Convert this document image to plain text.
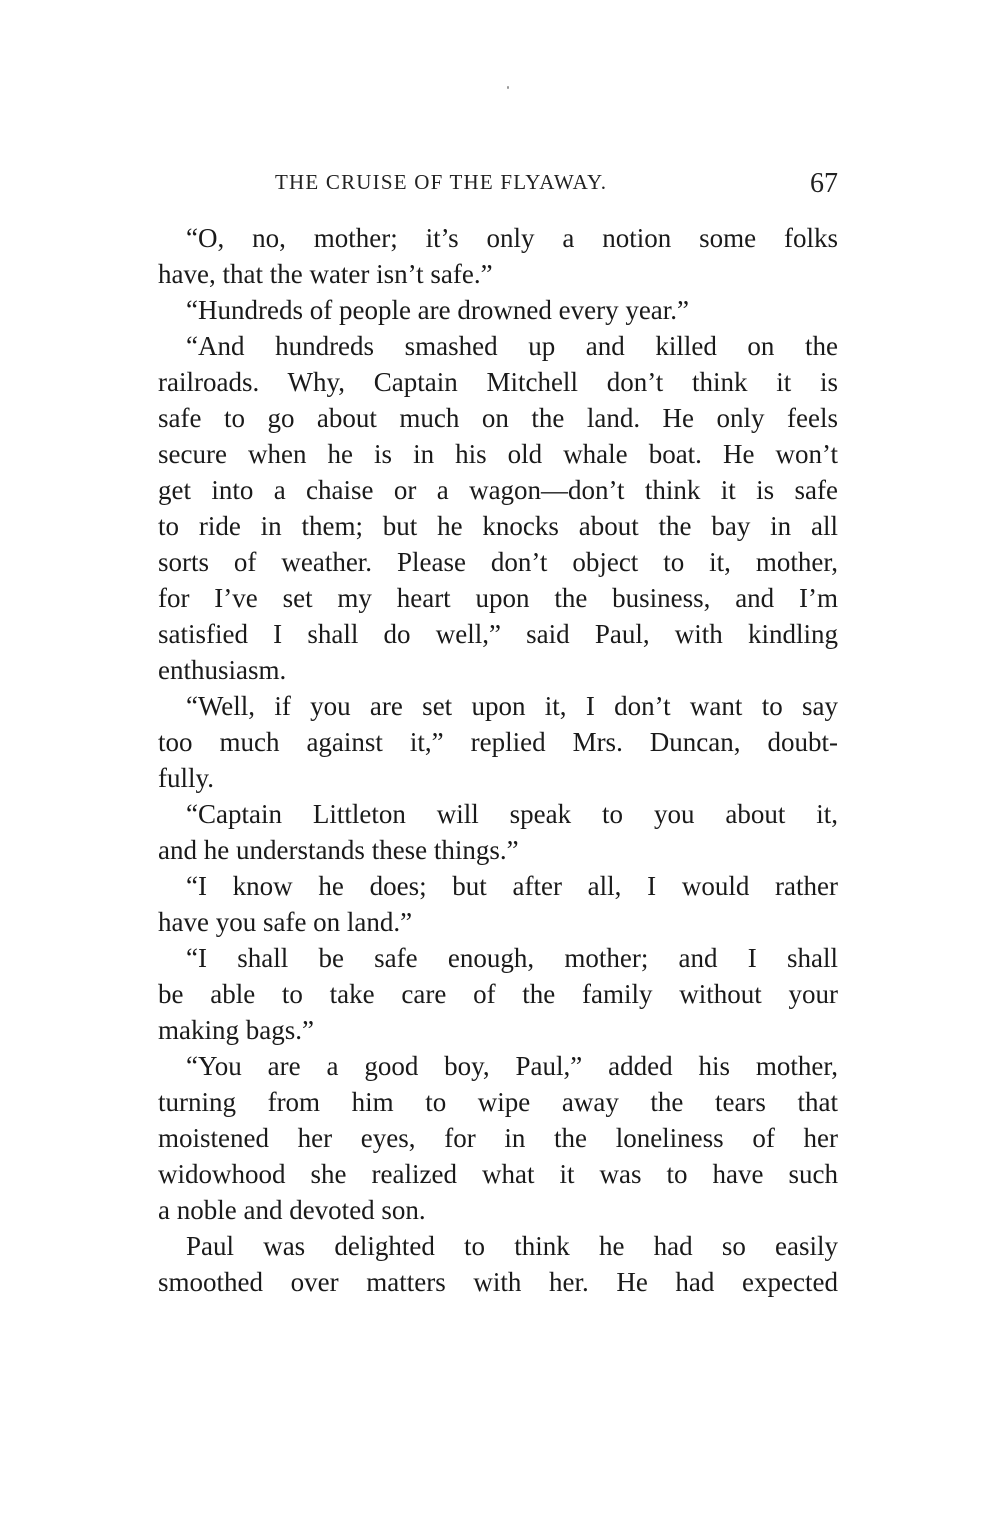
THE CRUISE OF THE FLYAWAY.	67
“O, no, mother; it’s only a notion some folks
have, that the water isn’t safe.”
“Hundreds of people are drowned every year.”
“And hundreds smashed up and killed on the
railroads. Why, Captain Mitchell don’t think it is
safe to go about much on the land. He only feels
secure when he is in his old whale boat. He won’t
get into a chaise or a wagon—don’t think it is safe
to ride in them; but he knocks about the bay in all
sorts of weather. Please don’t object to it, mother,
for I’ve set my heart upon the business, and I’m
satisfied I shall do well,” said Paul, with kindling
enthusiasm.
“Well, if you are set upon it, I don’t want to say
too much against it,” replied Mrs. Duncan, doubt-
fully.
“Captain Littleton will speak to you about it,
and he understands these things.”
“I know he does; but after all, I would rather
have you safe on land.”
“I shall be safe enough, mother; and I shall
be able to take care of the family without your
making bags.”
“You are a good boy, Paul,” added his mother,
turning from him to wipe away the tears that
moistened her eyes, for in the loneliness of her
widowhood she realized what it was to have such
a noble and devoted son.
Paul was delighted to think he had so easily
smoothed over matters with her. He had expected
